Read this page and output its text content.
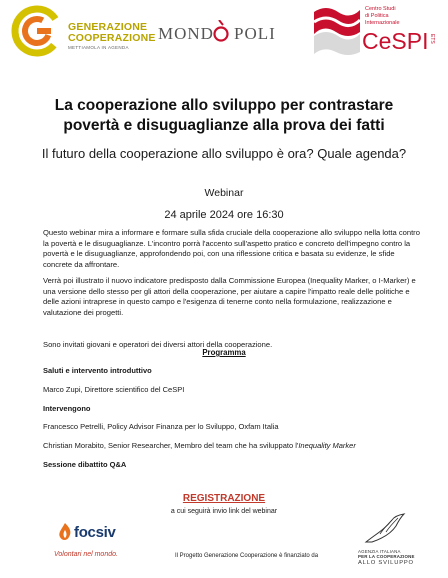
GENERAZIONE
COOPERAZIONE
METTIAMOLA IN AGENDA
MOND POLI
Centro Studi
di Politica
Internazionale
CeSPI ETS
La cooperazione allo sviluppo per contrastare
povertà e disuguaglianze alla prova dei fatti
Il futuro della cooperazione allo sviluppo è ora? Quale agenda?
Webinar
24 aprile 2024 ore 16:30
Questo webinar mira a informare e formare sulla sfida cruciale della cooperazione allo sviluppo nella lotta contro la povertà e le disuguaglianze. L'incontro porrà l'accento sull'aspetto pratico e concreto dell'impegno contro la povertà e le disuguaglianze, approfondendo poi, con una riflessione critica e basata su evidenze, le sfide concrete da affrontare.
Verrà poi illustrato il nuovo indicatore predisposto dalla Commissione Europea (Inequality Marker, o I-Marker) e una versione dello stesso per gli attori della cooperazione, per aiutare a capire l'impatto reale delle politiche e delle azioni intraprese in questo campo e l'esigenza di tenerne conto nella formulazione, realizzazione e valutazione dei progetti.
Sono invitati giovani e operatori dei diversi attori della cooperazione.
Programma
Saluti e intervento introduttivo
Marco Zupi, Direttore scientifico del CeSPI
Intervengono
Francesco Petrelli, Policy Advisor Finanza per lo Sviluppo, Oxfam Italia
Christian Morabito, Senior Researcher, Membro del team che ha sviluppato l'Inequality Marker
Sessione dibattito Q&A
REGISTRAZIONE
a cui seguirà invio link del webinar
focsiv
Volontari nel mondo.	Il Progetto Generazione Cooperazione è finanziato da
AGENZIA ITALIANA
PER LA COOPERAZIONE
ALLO SVILUPPO
